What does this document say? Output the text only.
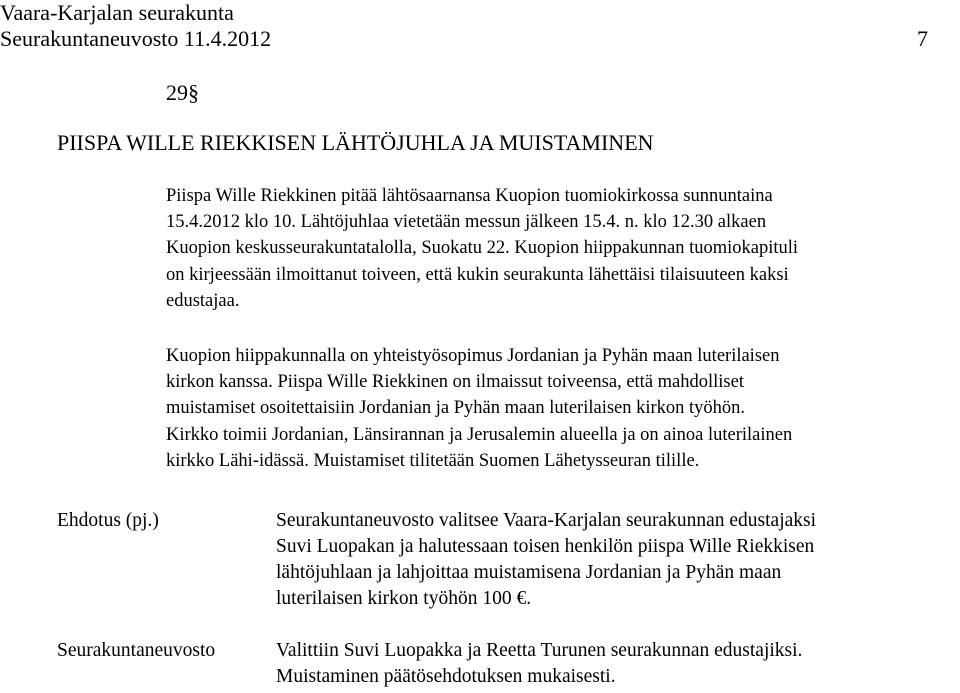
Vaara-Karjalan seurakunta
Seurakuntaneuvosto 11.4.2012	7
29§
PIISPA WILLE RIEKKISEN LÄHTÖJUHLA JA MUISTAMINEN
Piispa Wille Riekkinen pitää lähtösaarnansa Kuopion tuomiokirkossa sunnuntaina
15.4.2012 klo 10. Lähtöjuhlaa vietetään messun jälkeen 15.4. n. klo 12.30 alkaen
Kuopion keskusseurakuntatalolla, Suokatu 22. Kuopion hiippakunnan tuomiokapituli
on kirjeessään ilmoittanut toiveen, että kukin seurakunta lähettäisi tilaisuuteen kaksi
edustajaa.
Kuopion hiippakunnalla on yhteistyösopimus Jordanian ja Pyhän maan luterilaisen
kirkon kanssa. Piispa Wille Riekkinen on ilmaissut toiveensa, että mahdolliset
muistamiset osoitettaisiin Jordanian ja Pyhän maan luterilaisen kirkon työhön.
Kirkko toimii Jordanian, Länsirannan ja Jerusalemin alueella ja on ainoa luterilainen
kirkko Lähi-idässä. Muistamiset tilitetään Suomen Lähetysseuran tilille.
Ehdotus (pj.)	Seurakuntaneuvosto valitsee Vaara-Karjalan seurakunnan edustajaksi
Suvi Luopakan ja halutessaan toisen henkilön piispa Wille Riekkisen
lähtöjuhlaan ja lahjoittaa muistamisena Jordanian ja Pyhän maan
luterilaisen kirkon työhön 100 €.
Seurakuntaneuvosto	Valittiin Suvi Luopakka ja Reetta Turunen seurakunnan edustajiksi.
Muistaminen päätösehdotuksen mukaisesti.
